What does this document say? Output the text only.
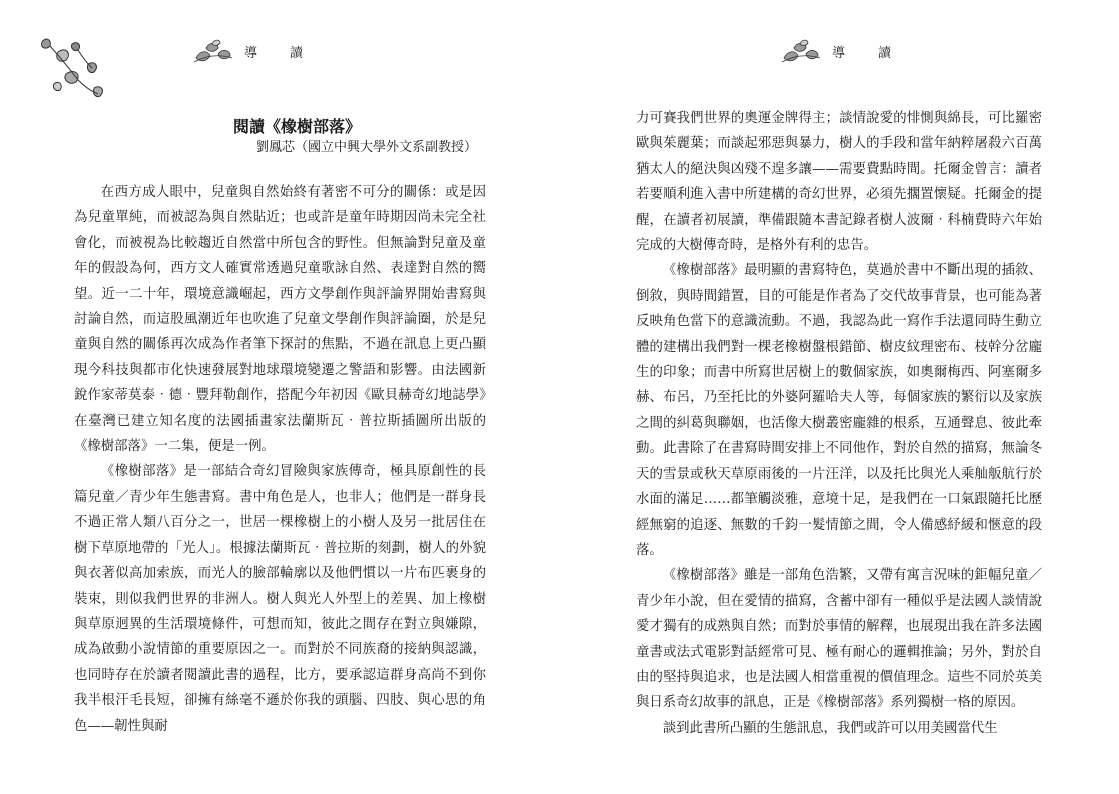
導　讀
閱讀《橡樹部落》
劉鳳芯（國立中興大學外文系副教授）

在西方成人眼中，兒童與自然始終有著密不可分的關係：或是因為兒童單純，而被認為與自然貼近；也或許是童年時期因尚未完全社會化，而被視為比較趨近自然當中所包含的野性。但無論對兒童及童年的假設為何，西方文人確實常透過兒童歌詠自然、表達對自然的嚮望。近一二十年，環境意識崛起，西方文學創作與評論界開始書寫與討論自然，而這股風潮近年也吹進了兒童文學創作與評論圈，於是兒童與自然的關係再次成為作者筆下探討的焦點，不過在訊息上更凸顯現今科技與都市化快速發展對地球環境變遷之警語和影響。由法國新銳作家蒂莫泰‧德‧豐拜勒創作，搭配今年初因《歐貝赫奇幻地誌學》在臺灣已建立知名度的法國插畫家法蘭斯瓦‧普拉斯插圖所出版的《橡樹部落》一二集，便是一例。

《橡樹部落》是一部結合奇幻冒險與家族傳奇，極具原創性的長篇兒童／青少年生態書寫。書中角色是人，也非人；他們是一群身長不過正常人類八百分之一，世居一棵橡樹上的小樹人及另一批居住在樹下草原地帶的「光人」。根據法蘭斯瓦‧普拉斯的刻劃，樹人的外貌與衣著似高加索族，而光人的臉部輪廓以及他們慣以一片布匹裹身的裝束，則似我們世界的非洲人。樹人與光人外型上的差異、加上橡樹與草原迥異的生活環境條件，可想而知，彼此之間存在對立與嫌隙，成為啟動小說情節的重要原因之一。而對於不同族裔的接納與認識，也同時存在於讀者閱讀此書的過程，比方，要承認這群身高尚不到你我半根汗毛長短，卻擁有絲毫不遜於你我的頭腦、四肢、與心思的角色——韌性與耐

導　讀

力可賽我們世界的奧運金牌得主；談情說愛的悱惻與綿長，可比羅密歐與茱麗葉；而談起邪惡與暴力，樹人的手段和當年納粹屠殺六百萬猶太人的絕決與凶殘不遑多讓——需要費點時間。托爾金曾言：讀者若要順利進入書中所建構的奇幻世界，必須先擱置懷疑。托爾金的提醒，在讀者初展讀，準備跟隨本書記錄者樹人波爾‧科楠費時六年始完成的大樹傳奇時，是格外有利的忠告。

《橡樹部落》最明顯的書寫特色，莫過於書中不斷出現的插敘、倒敘，與時間錯置，目的可能是作者為了交代故事背景，也可能為著反映角色當下的意識流動。不過，我認為此一寫作手法還同時生動立體的建構出我們對一棵老橡樹盤根錯節、樹皮紋理密布、枝幹分岔龐生的印象；而書中所寫世居樹上的數個家族，如奧爾梅西、阿塞爾多赫、布呂，乃至托比的外婆阿羅哈夫人等，每個家族的繁衍以及家族之間的糾葛與聯姻，也活像大樹叢密龐雜的根系，互通聲息、彼此牽動。此書除了在書寫時間安排上不同他作，對於自然的描寫，無論冬天的雪景或秋天草原雨後的一片汪洋，以及托比與光人乘舢舨航行於水面的滿足……都筆觸淡雅，意境十足，是我們在一口氣跟隨托比歷經無窮的追逐、無數的千鈞一髮情節之間，令人備感紓緩和愜意的段落。

《橡樹部落》雖是一部角色浩繁，又帶有寓言況味的鉅幅兒童／青少年小說，但在愛情的描寫，含蓄中卻有一種似乎是法國人談情說愛才獨有的成熟與自然；而對於事情的解釋，也展現出我在許多法國童書或法式電影對話經常可見、極有耐心的邏輯推論；另外，對於自由的堅持與追求，也是法國人相當重視的價值理念。這些不同於英美與日系奇幻故事的訊息，正是《橡樹部落》系列獨樹一格的原因。

談到此書所凸顯的生態訊息，我們或許可以用美國當代生
